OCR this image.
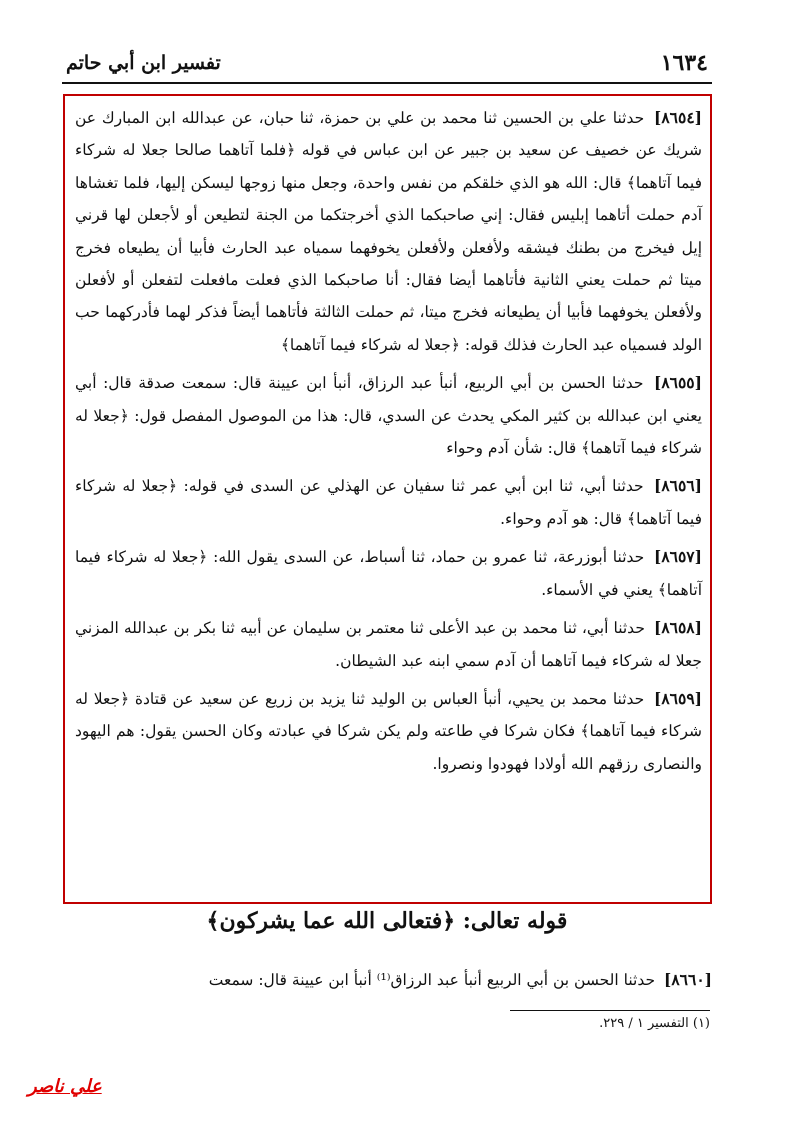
١٦٣٤
تفسير ابن أبي حاتم

[٨٦٥٤] حدثنا علي بن الحسين ثنا محمد بن علي بن حمزة، ثنا حبان، عن عبدالله ابن المبارك عن شريك عن خصيف عن سعيد بن جبير عن ابن عباس في قوله ﴿فلما آتاهما صالحا جعلا له شركاء فيما آتاهما﴾ قال: الله هو الذي خلقكم من نفس واحدة، وجعل منها زوجها ليسكن إليها، فلما تغشاها آدم حملت أتاهما إبليس فقال: إني صاحبكما الذي أخرجتكما من الجنة لتطيعن أو لأجعلن لها قرني إيل فيخرج من بطنك فيشقه ولأفعلن ولأفعلن يخوفهما سمياه عبد الحارث فأبيا أن يطيعاه فخرج ميتا ثم حملت يعني الثانية فأتاهما أيضا فقال: أنا صاحبكما الذي فعلت مافعلت لتفعلن أو لأفعلن ولأفعلن يخوفهما فأبيا أن يطيعانه فخرج ميتا، ثم حملت الثالثة فأتاهما أيضاً فذكر لهما فأدركهما حب الولد فسمياه عبد الحارث فذلك قوله: ﴿جعلا له شركاء فيما آتاهما﴾

[٨٦٥٥] حدثنا الحسن بن أبي الربيع، أنبأ عبد الرزاق، أنبأ ابن عيينة قال: سمعت صدقة قال: أبي يعني ابن عبدالله بن كثير المكي يحدث عن السدي، قال: هذا من الموصول المفصل قول: ﴿جعلا له شركاء فيما آتاهما﴾ قال: شأن آدم وحواء

[٨٦٥٦] حدثنا أبي، ثنا ابن أبي عمر ثنا سفيان عن الهذلي عن السدى في قوله: ﴿جعلا له شركاء فيما آتاهما﴾ قال: هو آدم وحواء.

[٨٦٥٧] حدثنا أبوزرعة، ثنا عمرو بن حماد، ثنا أسباط، عن السدى يقول الله: ﴿جعلا له شركاء فيما آتاهما﴾ يعني في الأسماء.

[٨٦٥٨] حدثنا أبي، ثنا محمد بن عبد الأعلى ثنا معتمر بن سليمان عن أبيه ثنا بكر بن عبدالله المزني جعلا له شركاء فيما آتاهما أن آدم سمي ابنه عبد الشيطان.

[٨٦٥٩] حدثنا محمد بن يحيي، أنبأ العباس بن الوليد ثنا يزيد بن زريع عن سعيد عن قتادة ﴿جعلا له شركاء فيما آتاهما﴾ فكان شركا في طاعته ولم يكن شركا في عبادته وكان الحسن يقول: هم اليهود والنصارى رزقهم الله أولادا فهودوا ونصروا.

قوله تعالى: ﴿فتعالى الله عما يشركون﴾

[٨٦٦٠] حدثنا الحسن بن أبي الربيع أنبأ عبد الرزاق⁽¹⁾ أنبأ ابن عيينة قال: سمعت

(١) التفسير ١ / ٢٢٩.
علي ناصر
